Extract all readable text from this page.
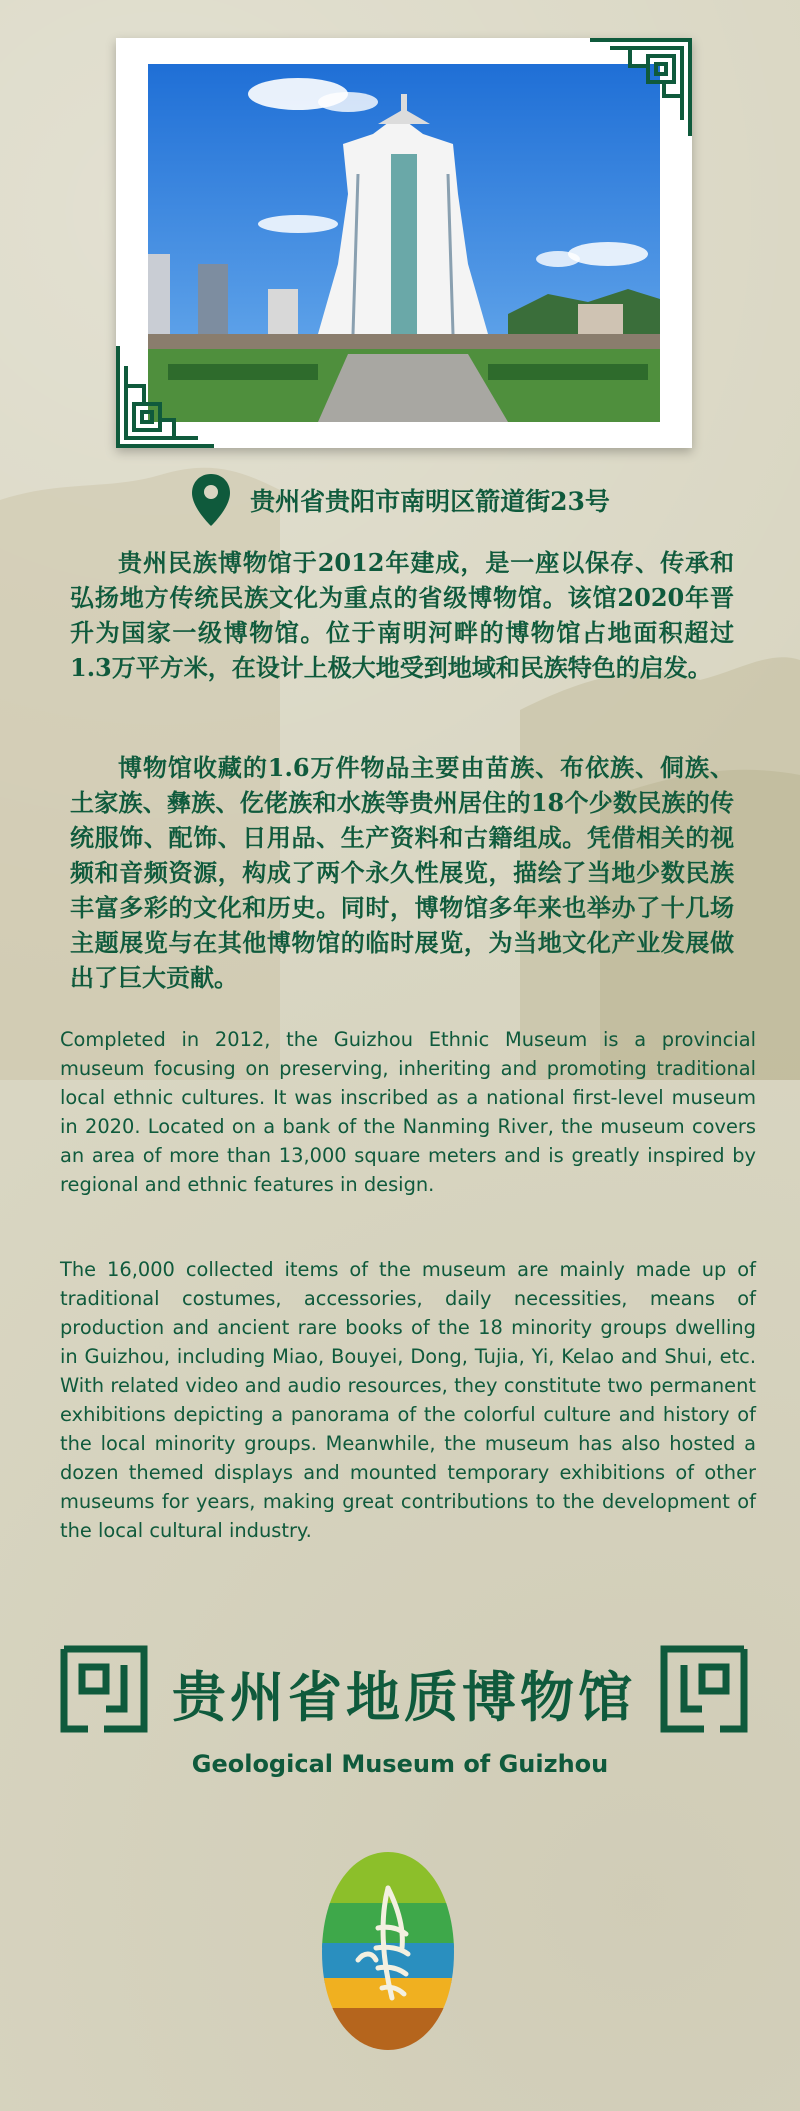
贵州省贵阳市南明区箭道街23号

贵州民族博物馆于2012年建成，是一座以保存、传承和弘扬地方传统民族文化为重点的省级博物馆。该馆2020年晋升为国家一级博物馆。位于南明河畔的博物馆占地面积超过1.3万平方米，在设计上极大地受到地域和民族特色的启发。

博物馆收藏的1.6万件物品主要由苗族、布依族、侗族、土家族、彝族、仡佬族和水族等贵州居住的18个少数民族的传统服饰、配饰、日用品、生产资料和古籍组成。凭借相关的视频和音频资源，构成了两个永久性展览，描绘了当地少数民族丰富多彩的文化和历史。同时，博物馆多年来也举办了十几场主题展览与在其他博物馆的临时展览，为当地文化产业发展做出了巨大贡献。

Completed in 2012, the Guizhou Ethnic Museum is a provincial museum focusing on preserving, inheriting and promoting traditional local ethnic cultures. It was inscribed as a national first-level museum in 2020. Located on a bank of the Nanming River, the museum covers an area of more than 13,000 square meters and is greatly inspired by regional and ethnic features in design.

The 16,000 collected items of the museum are mainly made up of traditional costumes, accessories, daily necessities, means of production and ancient rare books of the 18 minority groups dwelling in Guizhou, including Miao, Bouyei, Dong, Tujia, Yi, Kelao and Shui, etc. With related video and audio resources, they constitute two permanent exhibitions depicting a panorama of the colorful culture and history of the local minority groups. Meanwhile, the museum has also hosted a dozen themed displays and mounted temporary exhibitions of other museums for years, making great contributions to the development of the local cultural industry.

贵州省地质博物馆
Geological Museum of Guizhou
